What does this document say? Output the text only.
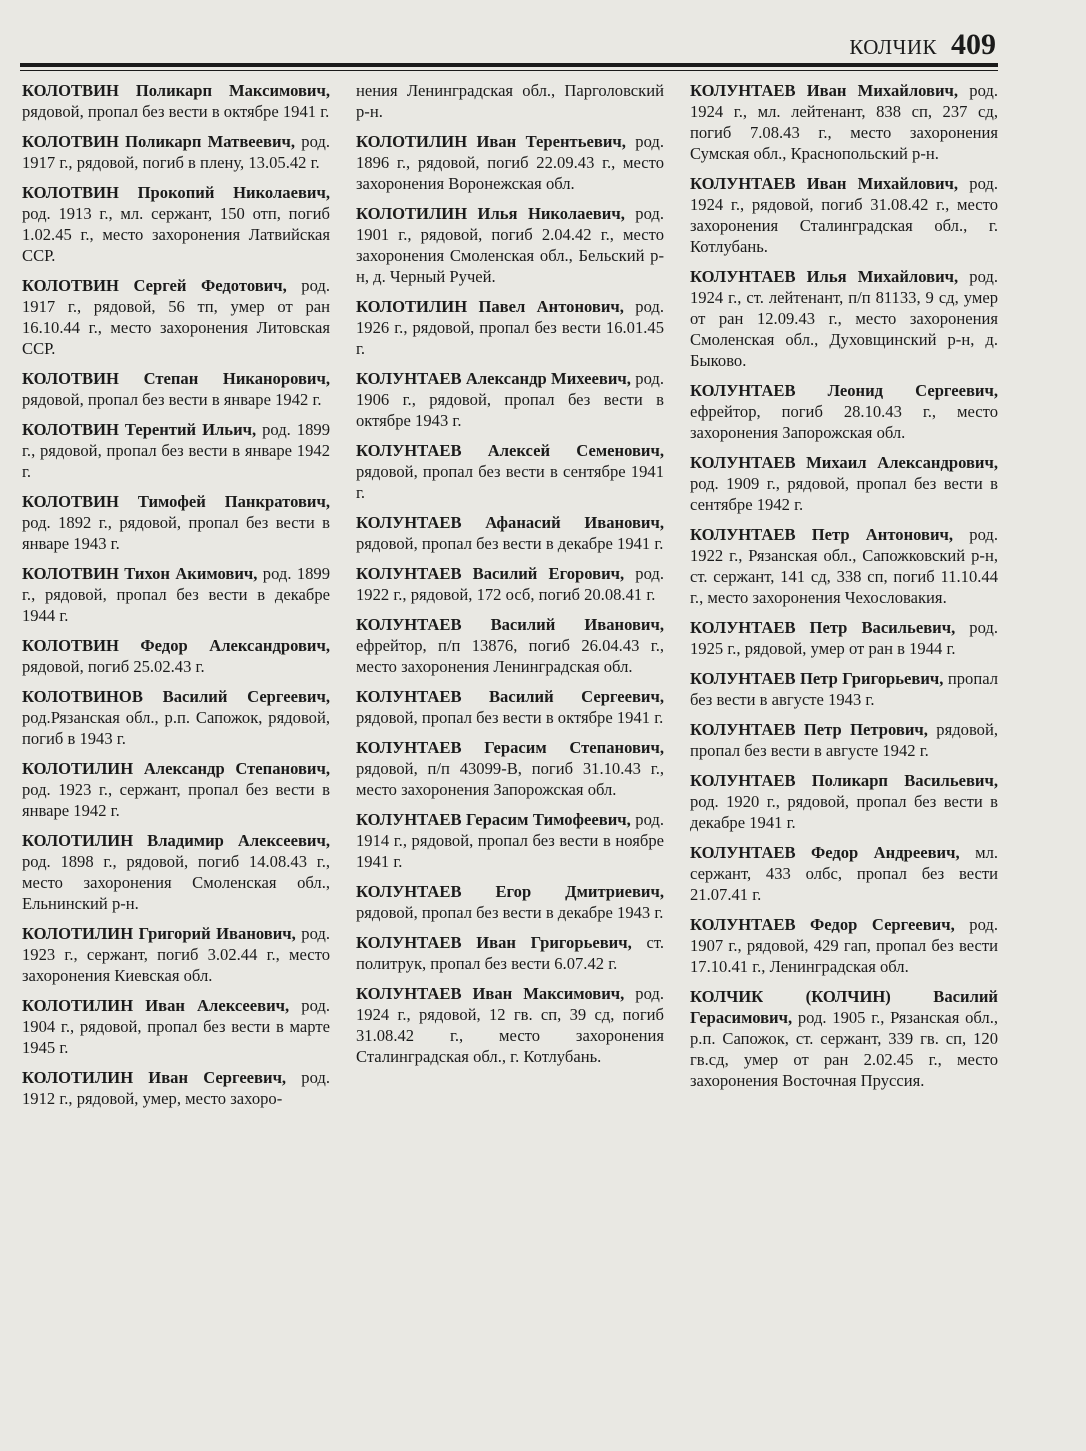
КОЛЧИК 409

КОЛОТВИН Поликарп Максимович, рядовой, пропал без вести в октябре 1941 г.

КОЛОТВИН Поликарп Матвеевич, род. 1917 г., рядовой, погиб в плену, 13.05.42 г.

КОЛОТВИН Прокопий Николаевич, род. 1913 г., мл. сержант, 150 отп, погиб 1.02.45 г., место захоронения Латвийская ССР.

КОЛОТВИН Сергей Федотович, род. 1917 г., рядовой, 56 тп, умер от ран 16.10.44 г., место захоронения Литовская ССР.

КОЛОТВИН Степан Никанорович, рядовой, пропал без вести в январе 1942 г.

КОЛОТВИН Терентий Ильич, род. 1899 г., рядовой, пропал без вести в январе 1942 г.

КОЛОТВИН Тимофей Панкратович, род. 1892 г., рядовой, пропал без вести в январе 1943 г.

КОЛОТВИН Тихон Акимович, род. 1899 г., рядовой, пропал без вести в декабре 1944 г.

КОЛОТВИН Федор Александрович, рядовой, погиб 25.02.43 г.

КОЛОТВИНОВ Василий Сергеевич, род.Рязанская обл., р.п. Сапожок, рядовой, погиб в 1943 г.

КОЛОТИЛИН Александр Степанович, род. 1923 г., сержант, пропал без вести в январе 1942 г.

КОЛОТИЛИН Владимир Алексеевич, род. 1898 г., рядовой, погиб 14.08.43 г., место захоронения Смоленская обл., Ельнинский р-н.

КОЛОТИЛИН Григорий Иванович, род. 1923 г., сержант, погиб 3.02.44 г., место захоронения Киевская обл.

КОЛОТИЛИН Иван Алексеевич, род. 1904 г., рядовой, пропал без вести в марте 1945 г.

КОЛОТИЛИН Иван Сергеевич, род. 1912 г., рядовой, умер, место захоро-

нения Ленинградская обл., Парголовский р-н.

КОЛОТИЛИН Иван Терентьевич, род. 1896 г., рядовой, погиб 22.09.43 г., место захоронения Воронежская обл.

КОЛОТИЛИН Илья Николаевич, род. 1901 г., рядовой, погиб 2.04.42 г., место захоронения Смоленская обл., Бельский р-н, д. Черный Ручей.

КОЛОТИЛИН Павел Антонович, род. 1926 г., рядовой, пропал без вести 16.01.45 г.

КОЛУНТАЕВ Александр Михеевич, род. 1906 г., рядовой, пропал без вести в октябре 1943 г.

КОЛУНТАЕВ Алексей Семенович, рядовой, пропал без вести в сентябре 1941 г.

КОЛУНТАЕВ Афанасий Иванович, рядовой, пропал без вести в декабре 1941 г.

КОЛУНТАЕВ Василий Егорович, род. 1922 г., рядовой, 172 осб, погиб 20.08.41 г.

КОЛУНТАЕВ Василий Иванович, ефрейтор, п/п 13876, погиб 26.04.43 г., место захоронения Ленинградская обл.

КОЛУНТАЕВ Василий Сергеевич, рядовой, пропал без вести в октябре 1941 г.

КОЛУНТАЕВ Герасим Степанович, рядовой, п/п 43099-В, погиб 31.10.43 г., место захоронения Запорожская обл.

КОЛУНТАЕВ Герасим Тимофеевич, род. 1914 г., рядовой, пропал без вести в ноябре 1941 г.

КОЛУНТАЕВ Егор Дмитриевич, рядовой, пропал без вести в декабре 1943 г.

КОЛУНТАЕВ Иван Григорьевич, ст. политрук, пропал без вести 6.07.42 г.

КОЛУНТАЕВ Иван Максимович, род. 1924 г., рядовой, 12 гв. сп, 39 сд, погиб 31.08.42 г., место захоронения Сталинградская обл., г. Котлубань.

КОЛУНТАЕВ Иван Михайлович, род. 1924 г., мл. лейтенант, 838 сп, 237 сд, погиб 7.08.43 г., место захоронения Сумская обл., Краснопольский р-н.

КОЛУНТАЕВ Иван Михайлович, род. 1924 г., рядовой, погиб 31.08.42 г., место захоронения Сталинградская обл., г. Котлубань.

КОЛУНТАЕВ Илья Михайлович, род. 1924 г., ст. лейтенант, п/п 81133, 9 сд, умер от ран 12.09.43 г., место захоронения Смоленская обл., Духовщинский р-н, д. Быково.

КОЛУНТАЕВ Леонид Сергеевич, ефрейтор, погиб 28.10.43 г., место захоронения Запорожская обл.

КОЛУНТАЕВ Михаил Александрович, род. 1909 г., рядовой, пропал без вести в сентябре 1942 г.

КОЛУНТАЕВ Петр Антонович, род. 1922 г., Рязанская обл., Сапожковский р-н, ст. сержант, 141 сд, 338 сп, погиб 11.10.44 г., место захоронения Чехословакия.

КОЛУНТАЕВ Петр Васильевич, род. 1925 г., рядовой, умер от ран в 1944 г.

КОЛУНТАЕВ Петр Григорьевич, пропал без вести в августе 1943 г.

КОЛУНТАЕВ Петр Петрович, рядовой, пропал без вести в августе 1942 г.

КОЛУНТАЕВ Поликарп Васильевич, род. 1920 г., рядовой, пропал без вести в декабре 1941 г.

КОЛУНТАЕВ Федор Андреевич, мл. сержант, 433 олбс, пропал без вести 21.07.41 г.

КОЛУНТАЕВ Федор Сергеевич, род. 1907 г., рядовой, 429 гап, пропал без вести 17.10.41 г., Ленинградская обл.

КОЛЧИК (КОЛЧИН) Василий Герасимович, род. 1905 г., Рязанская обл., р.п. Сапожок, ст. сержант, 339 гв. сп, 120 гв.сд, умер от ран 2.02.45 г., место захоронения Восточная Пруссия.
